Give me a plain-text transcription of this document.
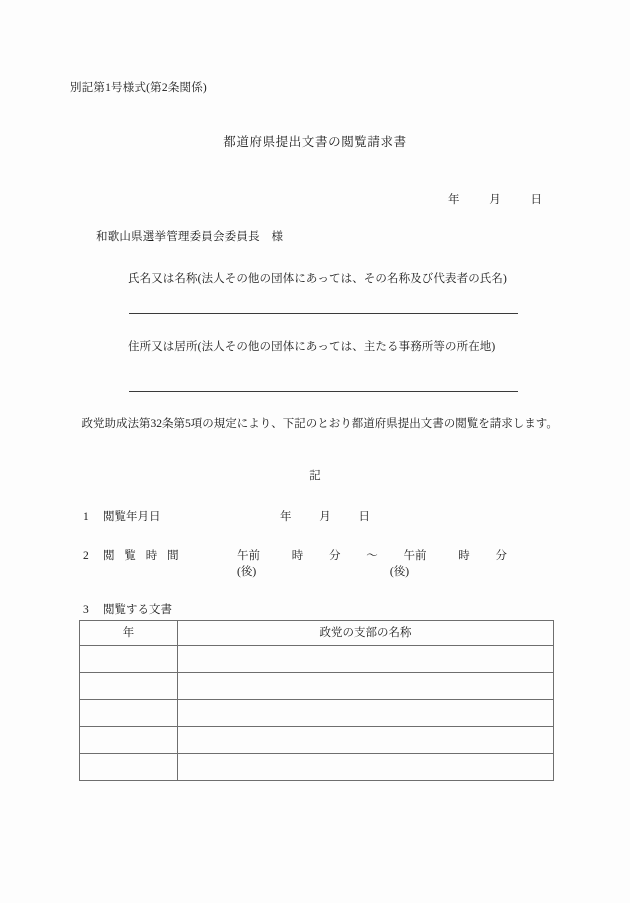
別記第1号様式(第2条関係)
都道府県提出文書の閲覧請求書
年	月	日
和歌山県選挙管理委員会委員長　様
氏名又は名称(法人その他の団体にあっては、その名称及び代表者の氏名)
住所又は居所(法人その他の団体にあっては、主たる事務所等の所在地)
政党助成法第32条第5項の規定により、下記のとおり都道府県提出文書の閲覧を請求します。
記
1 閲覧年月日	年 月 日
2 閲 覧 時 間	午前	時 分 〜 午前	時 分
(後)	(後)
3 閲覧する文書
年	政党の支部の名称
